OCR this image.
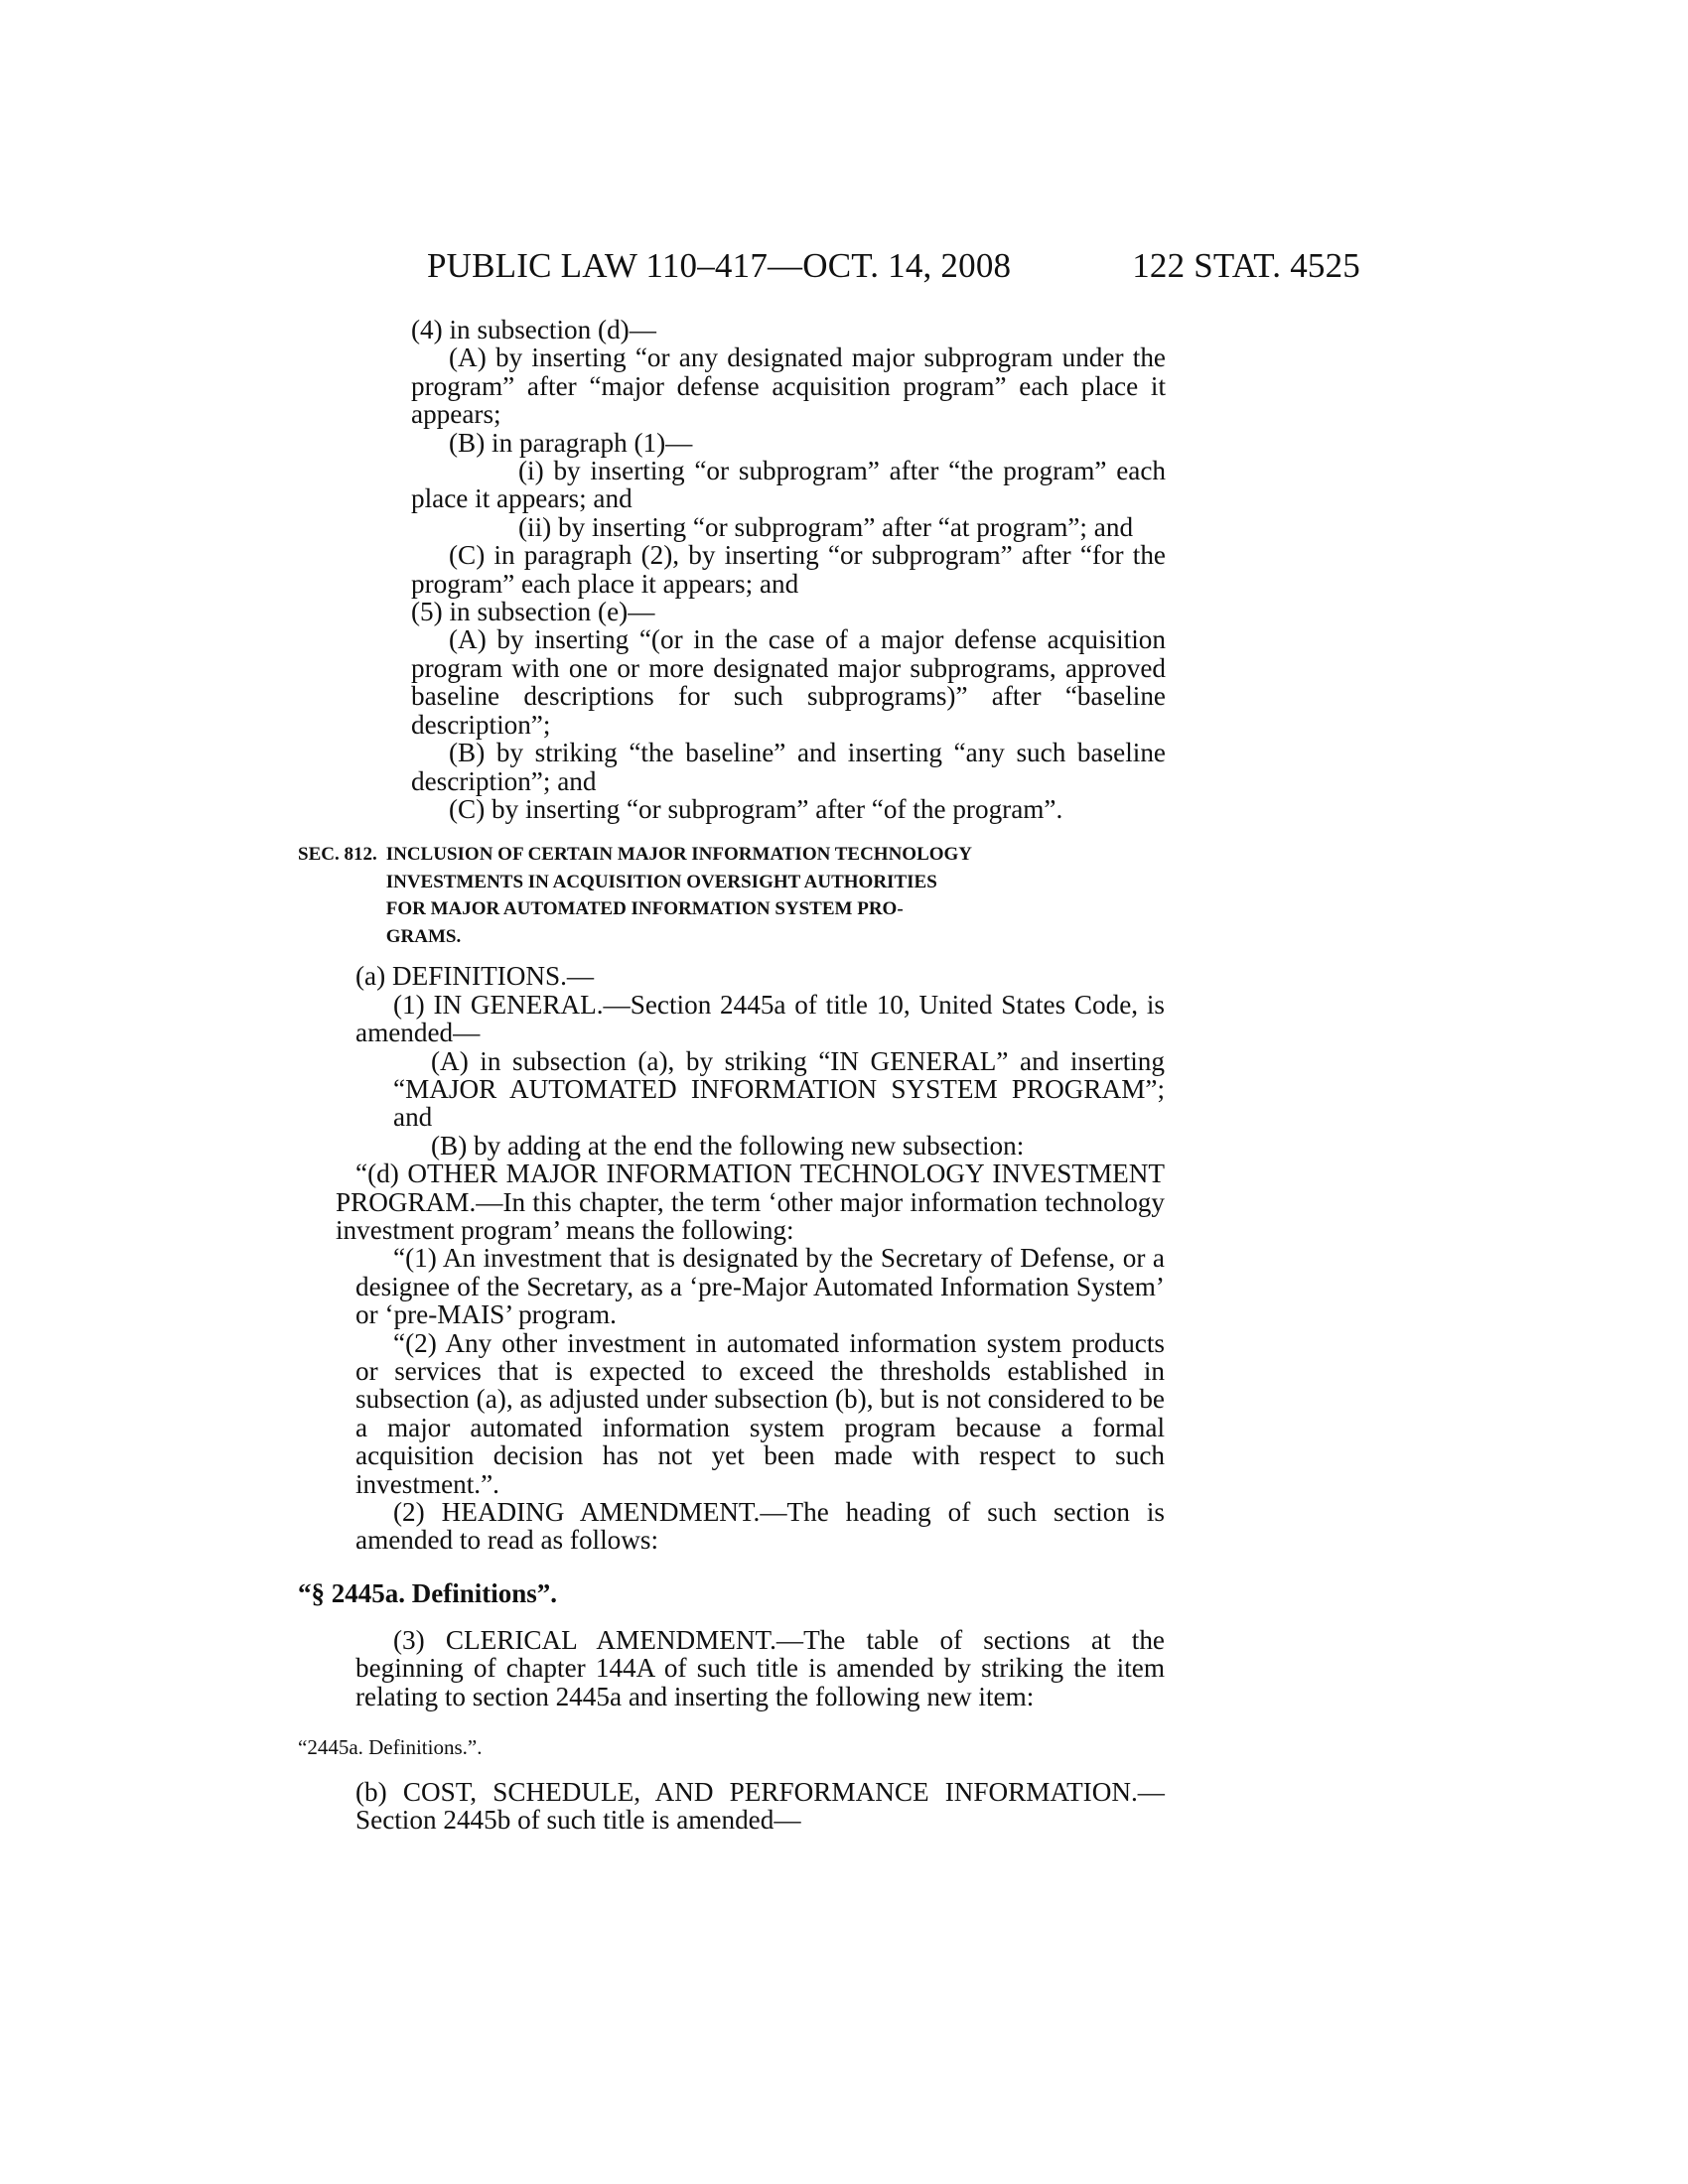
PUBLIC LAW 110–417—OCT. 14, 2008	122 STAT. 4525

(4) in subsection (d)—

(A) by inserting “or any designated major subprogram under the program” after “major defense acquisition program” each place it appears;

(B) in paragraph (1)—

(i) by inserting “or subprogram” after “the program” each place it appears; and

(ii) by inserting “or subprogram” after “at program”; and

(C) in paragraph (2), by inserting “or subprogram” after “for the program” each place it appears; and

(5) in subsection (e)—

(A) by inserting “(or in the case of a major defense acquisition program with one or more designated major subprograms, approved baseline descriptions for such subprograms)” after “baseline description”;

(B) by striking “the baseline” and inserting “any such baseline description”; and

(C) by inserting “or subprogram” after “of the program”.

SEC. 812. INCLUSION OF CERTAIN MAJOR INFORMATION TECHNOLOGY
INVESTMENTS IN ACQUISITION OVERSIGHT AUTHORITIES
FOR MAJOR AUTOMATED INFORMATION SYSTEM PRO-
GRAMS.

(a) DEFINITIONS.—

(1) IN GENERAL.—Section 2445a of title 10, United States Code, is amended—

(A) in subsection (a), by striking “IN GENERAL” and inserting “MAJOR AUTOMATED INFORMATION SYSTEM PROGRAM”; and

(B) by adding at the end the following new subsection:

“(d) OTHER MAJOR INFORMATION TECHNOLOGY INVESTMENT PROGRAM.—In this chapter, the term ‘other major information technology investment program’ means the following:

“(1) An investment that is designated by the Secretary of Defense, or a designee of the Secretary, as a ‘pre-Major Automated Information System’ or ‘pre-MAIS’ program.

“(2) Any other investment in automated information system products or services that is expected to exceed the thresholds established in subsection (a), as adjusted under subsection (b), but is not considered to be a major automated information system program because a formal acquisition decision has not yet been made with respect to such investment.”.

(2) HEADING AMENDMENT.—The heading of such section is amended to read as follows:

“§ 2445a. Definitions”.

(3) CLERICAL AMENDMENT.—The table of sections at the beginning of chapter 144A of such title is amended by striking the item relating to section 2445a and inserting the following new item:

“2445a. Definitions.”.

(b) COST, SCHEDULE, AND PERFORMANCE INFORMATION.—Section 2445b of such title is amended—
